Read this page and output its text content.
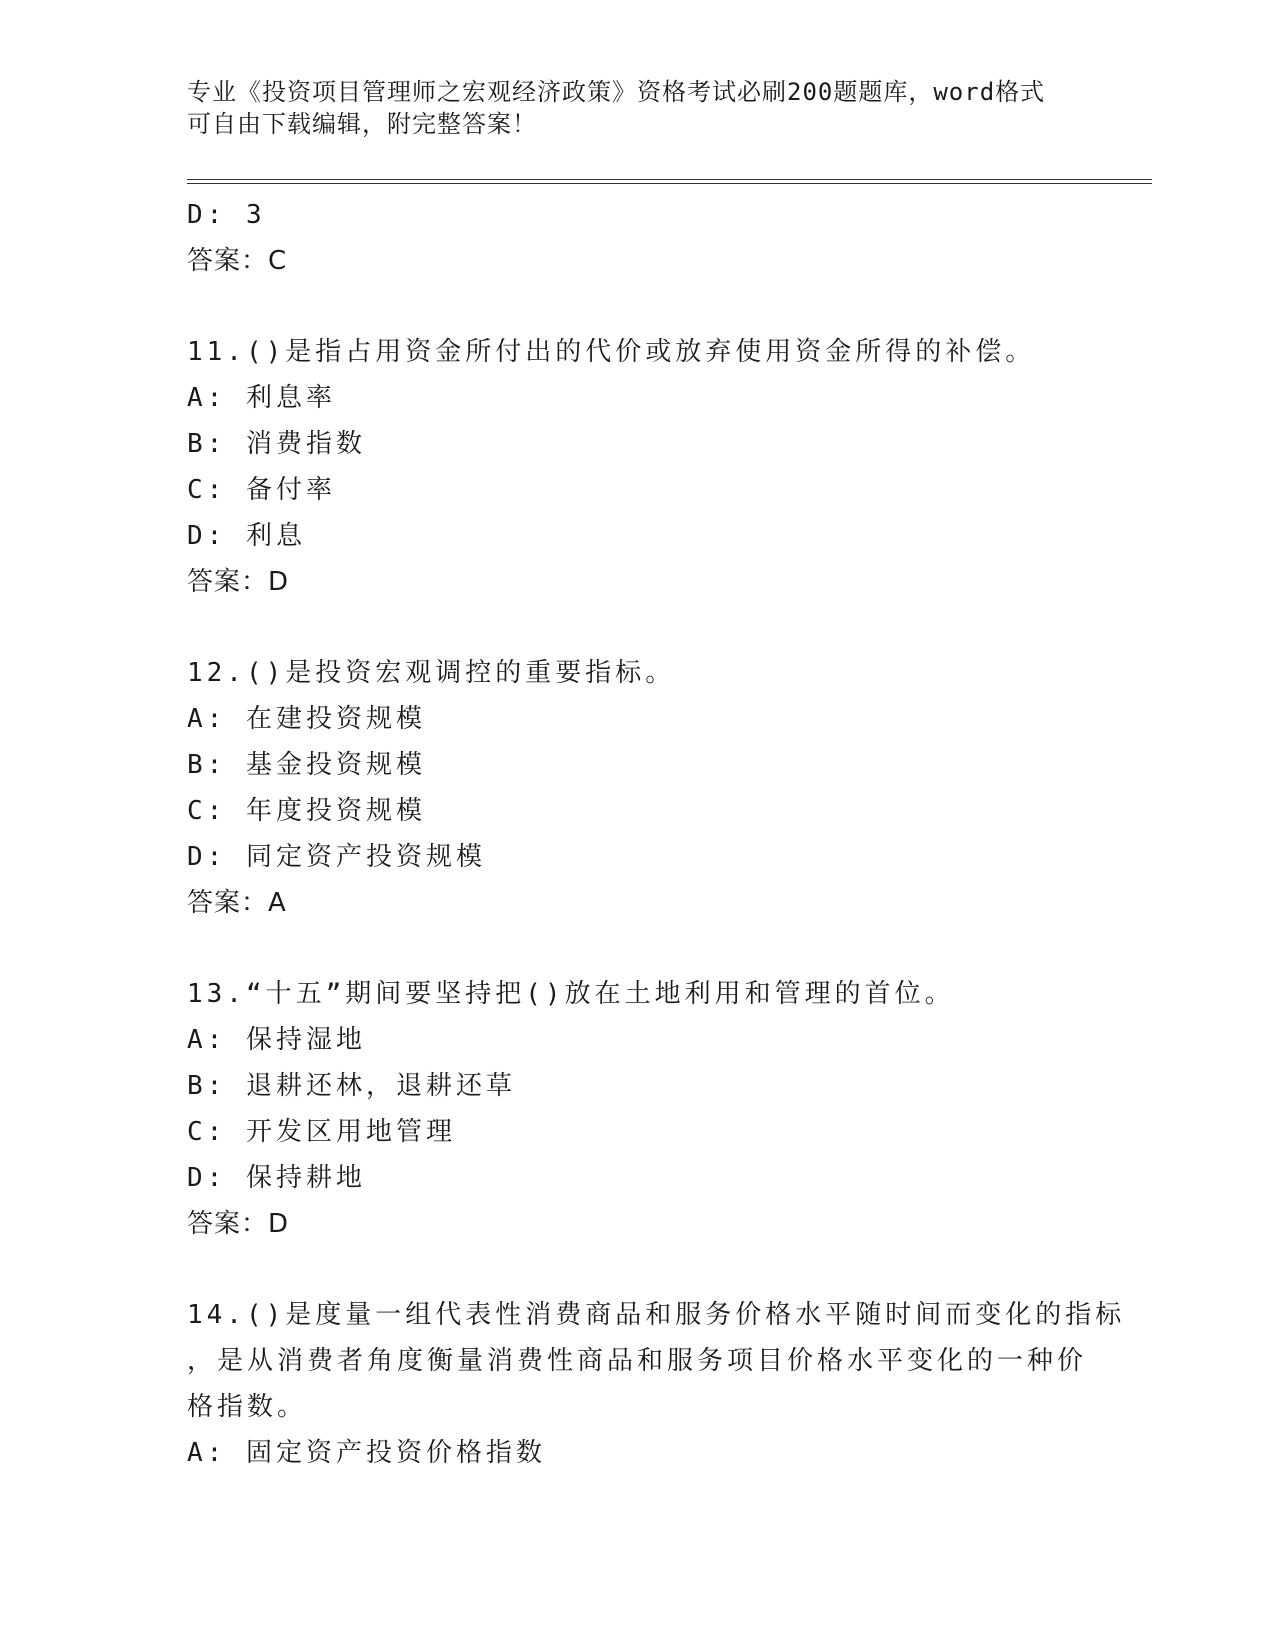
专业《投资项目管理师之宏观经济政策》资格考试必刷200题题库，word格式可自由下载编辑，附完整答案！
D: 3
答案：C
11.()是指占用资金所付出的代价或放弃使用资金所得的补偿。
A: 利息率
B: 消费指数
C: 备付率
D: 利息
答案：D
12.()是投资宏观调控的重要指标。
A: 在建投资规模
B: 基金投资规模
C: 年度投资规模
D: 同定资产投资规模
答案：A
13.“十五”期间要坚持把()放在土地利用和管理的首位。
A: 保持湿地
B: 退耕还林，退耕还草
C: 开发区用地管理
D: 保持耕地
答案：D
14.()是度量一组代表性消费商品和服务价格水平随时间而变化的指标
，是从消费者角度衡量消费性商品和服务项目价格水平变化的一种价
格指数。
A: 固定资产投资价格指数
